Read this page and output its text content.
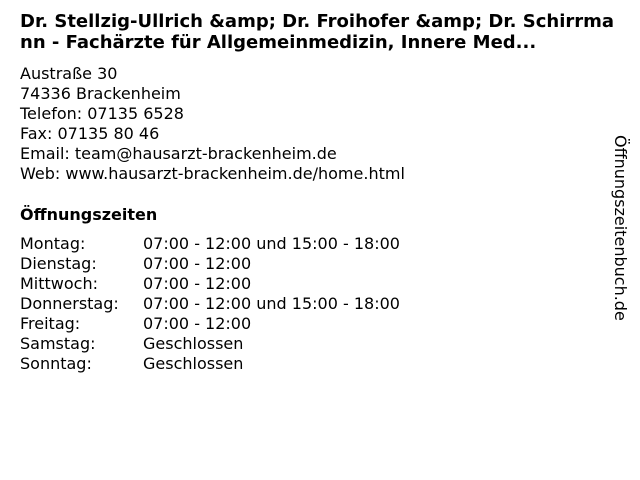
Dr. Stellzig-Ullrich &amp; Dr. Froihofer &amp; Dr. Schirrmann - Fachärzte für Allgemeinmedizin, Innere Med...
Austraße 30
74336 Brackenheim
Telefon: 07135 6528
Fax: 07135 80 46
Email: team@hausarzt-brackenheim.de
Web: www.hausarzt-brackenheim.de/home.html
Öffnungszeiten
Montag:	07:00 - 12:00 und 15:00 - 18:00
Dienstag:	07:00 - 12:00
Mittwoch:	07:00 - 12:00
Donnerstag:	07:00 - 12:00 und 15:00 - 18:00
Freitag:	07:00 - 12:00
Samstag:	Geschlossen
Sonntag:	Geschlossen
Öffnungszeitenbuch.de
